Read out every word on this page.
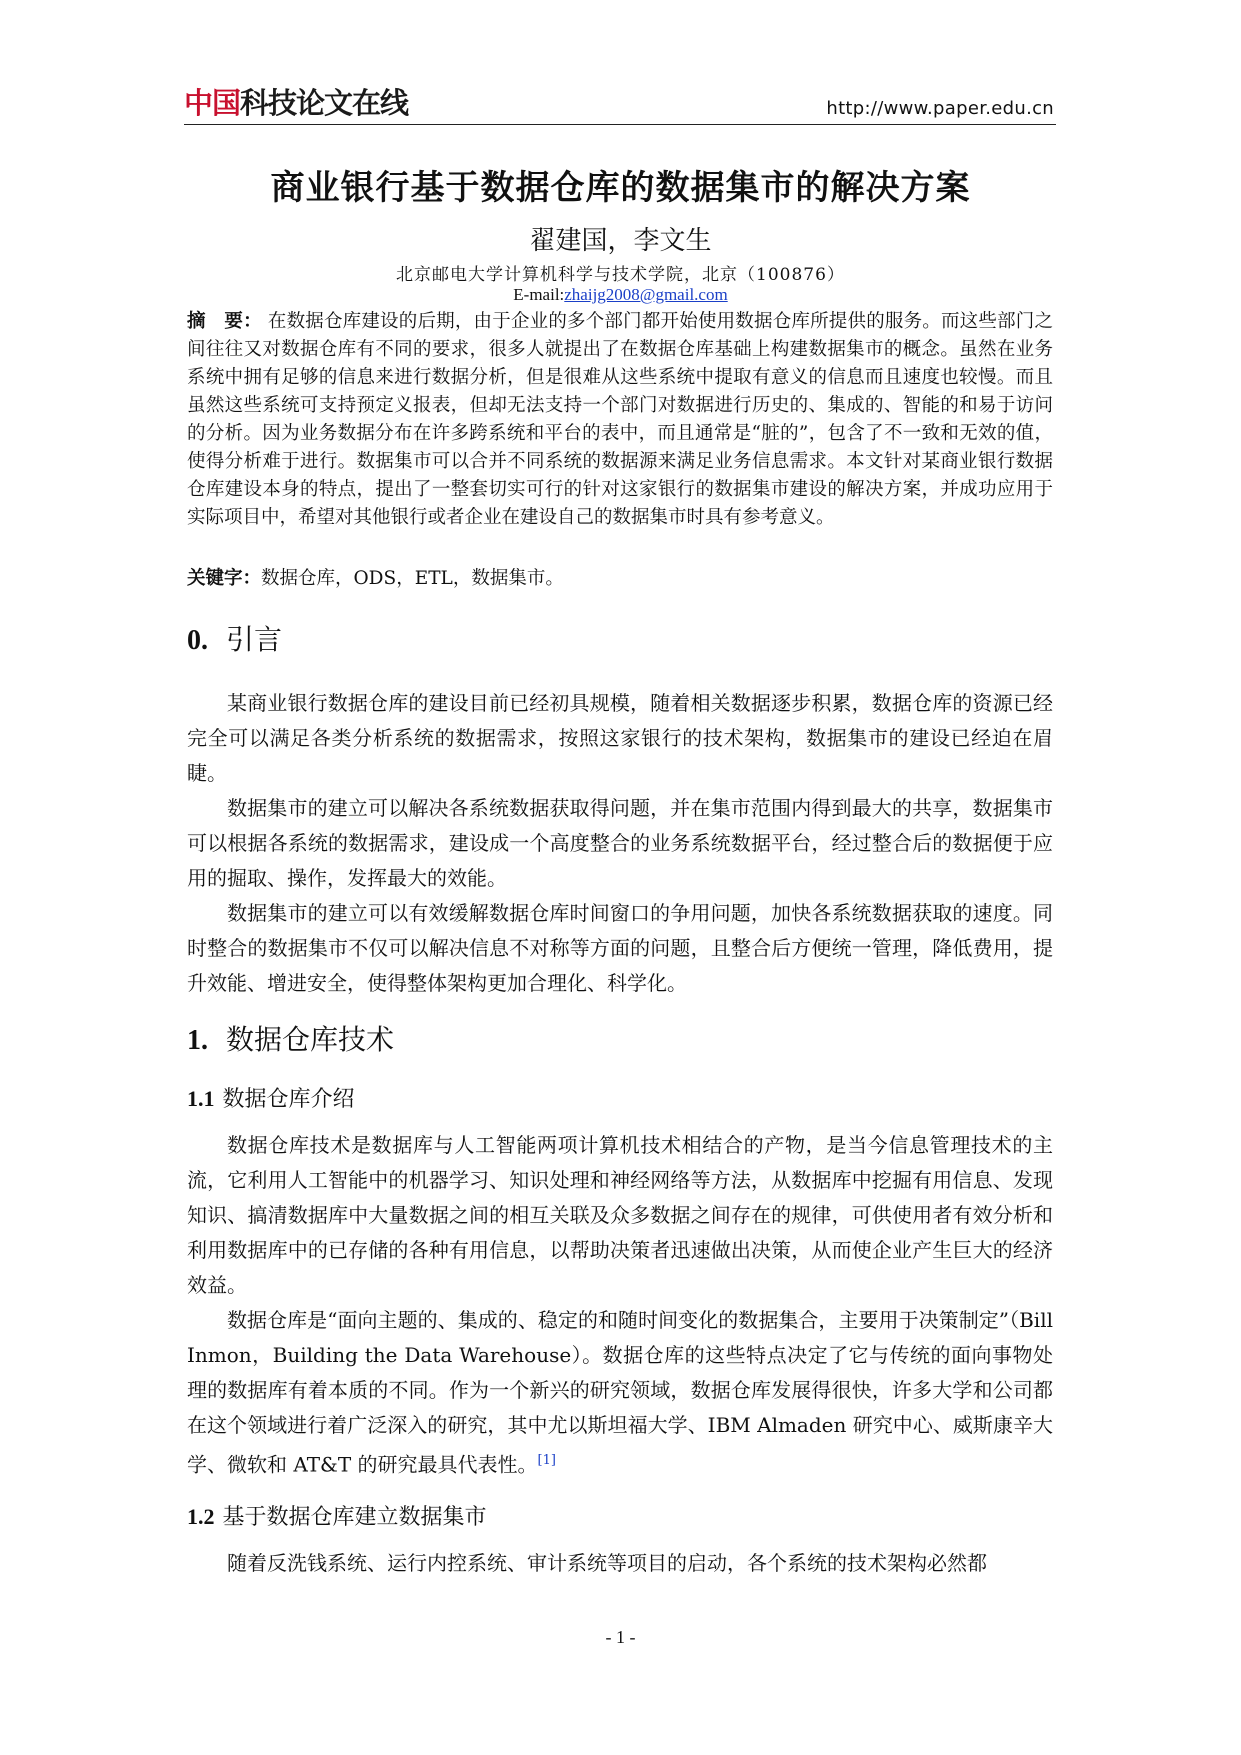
中国科技论文在线	http://www.paper.edu.cn
商业银行基于数据仓库的数据集市的解决方案
翟建国，李文生
北京邮电大学计算机科学与技术学院，北京（100876）
E-mail:zhaijg2008@gmail.com
摘　要： 在数据仓库建设的后期，由于企业的多个部门都开始使用数据仓库所提供的服务。而这些部门之间往往又对数据仓库有不同的要求，很多人就提出了在数据仓库基础上构建数据集市的概念。虽然在业务系统中拥有足够的信息来进行数据分析，但是很难从这些系统中提取有意义的信息而且速度也较慢。而且虽然这些系统可支持预定义报表，但却无法支持一个部门对数据进行历史的、集成的、智能的和易于访问的分析。因为业务数据分布在许多跨系统和平台的表中，而且通常是“脏的”，包含了不一致和无效的值，使得分析难于进行。数据集市可以合并不同系统的数据源来满足业务信息需求。本文针对某商业银行数据仓库建设本身的特点，提出了一整套切实可行的针对这家银行的数据集市建设的解决方案，并成功应用于实际项目中，希望对其他银行或者企业在建设自己的数据集市时具有参考意义。
关键字：数据仓库，ODS，ETL，数据集市。
0. 引言

某商业银行数据仓库的建设目前已经初具规模，随着相关数据逐步积累，数据仓库的资源已经完全可以满足各类分析系统的数据需求，按照这家银行的技术架构，数据集市的建设已经迫在眉睫。

数据集市的建立可以解决各系统数据获取得问题，并在集市范围内得到最大的共享，数据集市可以根据各系统的数据需求，建设成一个高度整合的业务系统数据平台，经过整合后的数据便于应用的掘取、操作，发挥最大的效能。

数据集市的建立可以有效缓解数据仓库时间窗口的争用问题，加快各系统数据获取的速度。同时整合的数据集市不仅可以解决信息不对称等方面的问题，且整合后方便统一管理，降低费用，提升效能、增进安全，使得整体架构更加合理化、科学化。

1. 数据仓库技术
1.1 数据仓库介绍

数据仓库技术是数据库与人工智能两项计算机技术相结合的产物，是当今信息管理技术的主流，它利用人工智能中的机器学习、知识处理和神经网络等方法，从数据库中挖掘有用信息、发现知识、搞清数据库中大量数据之间的相互关联及众多数据之间存在的规律，可供使用者有效分析和利用数据库中的已存储的各种有用信息，以帮助决策者迅速做出决策，从而使企业产生巨大的经济效益。

数据仓库是“面向主题的、集成的、稳定的和随时间变化的数据集合，主要用于决策制定”（Bill Inmon，Building the Data Warehouse）。数据仓库的这些特点决定了它与传统的面向事物处理的数据库有着本质的不同。作为一个新兴的研究领域，数据仓库发展得很快，许多大学和公司都在这个领域进行着广泛深入的研究，其中尤以斯坦福大学、IBM Almaden 研究中心、威斯康辛大学、微软和 AT&T 的研究最具代表性。[1]

1.2 基于数据仓库建立数据集市

随着反洗钱系统、运行内控系统、审计系统等项目的启动，各个系统的技术架构必然都

- 1 -
